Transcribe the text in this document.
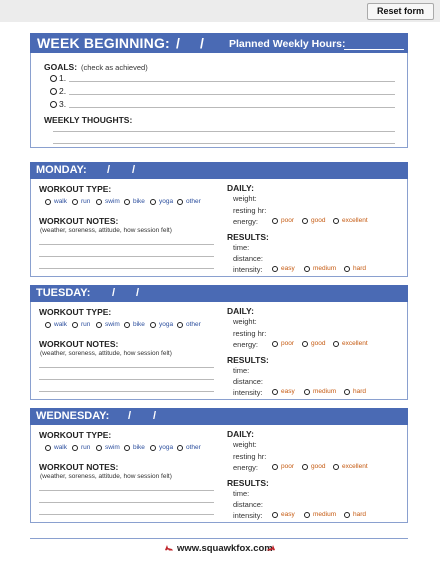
Reset form
WEEK BEGINNING: / / Planned Weekly Hours:
GOALS: (check as achieved)
1.
2.
3.
WEEKLY THOUGHTS:
MONDAY: / /
WORKOUT TYPE:
walk run swim bike yoga other
WORKOUT NOTES:
(weather, soreness, attitude, how session felt)
DAILY:
weight:
resting hr:
energy:	poor	good	excellent
RESULTS:
time:
distance:
intensity:	easy	medium	hard
TUESDAY: / /
WORKOUT TYPE:
walk run swim bike yoga other
WORKOUT NOTES:
(weather, soreness, attitude, how session felt)
DAILY:
weight:
resting hr:
energy:	poor	good	excellent
RESULTS:
time:
distance:
intensity:	easy	medium	hard
WEDNESDAY: / /
WORKOUT TYPE:
walk run swim bike yoga other
WORKOUT NOTES:
(weather, soreness, attitude, how session felt)
DAILY:
weight:
resting hr:
energy:	poor	good	excellent
RESULTS:
time:
distance:
intensity:	easy	medium	hard
www.squawkfox.com
